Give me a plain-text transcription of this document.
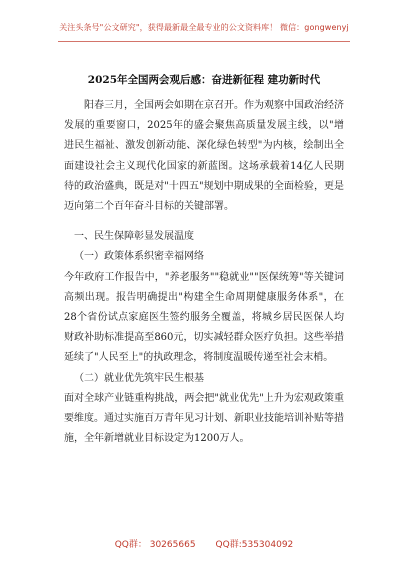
关注头条号"公文研究"，获得最新最全最专业的公文资料库！ 微信：gongwenyj
2025年全国两会观后感：奋进新征程 建功新时代

阳春三月，全国两会如期在京召开。作为观察中国政治经济发展的重要窗口，2025年的盛会聚焦高质量发展主线，以"增进民生福祉、激发创新动能、深化绿色转型"为内核，绘制出全面建设社会主义现代化国家的新蓝图。这场承载着14亿人民期待的政治盛典，既是对"十四五"规划中期成果的全面检验，更是迈向第二个百年奋斗目标的关键部署。

一、民生保障彰显发展温度

（一）政策体系织密幸福网络

今年政府工作报告中，"养老服务""稳就业""医保统筹"等关键词高频出现。报告明确提出"构建全生命周期健康服务体系"，在28个省份试点家庭医生签约服务全覆盖，将城乡居民医保人均财政补助标准提高至860元，切实减轻群众医疗负担。这些举措延续了"人民至上"的执政理念，将制度温暖传递至社会末梢。

（二）就业优先筑牢民生根基

面对全球产业链重构挑战，两会把"就业优先"上升为宏观政策重要维度。通过实施百万青年见习计划、新职业技能培训补贴等措施，全年新增就业目标设定为1200万人。

QQ群： 30265665 QQ群:535304092
